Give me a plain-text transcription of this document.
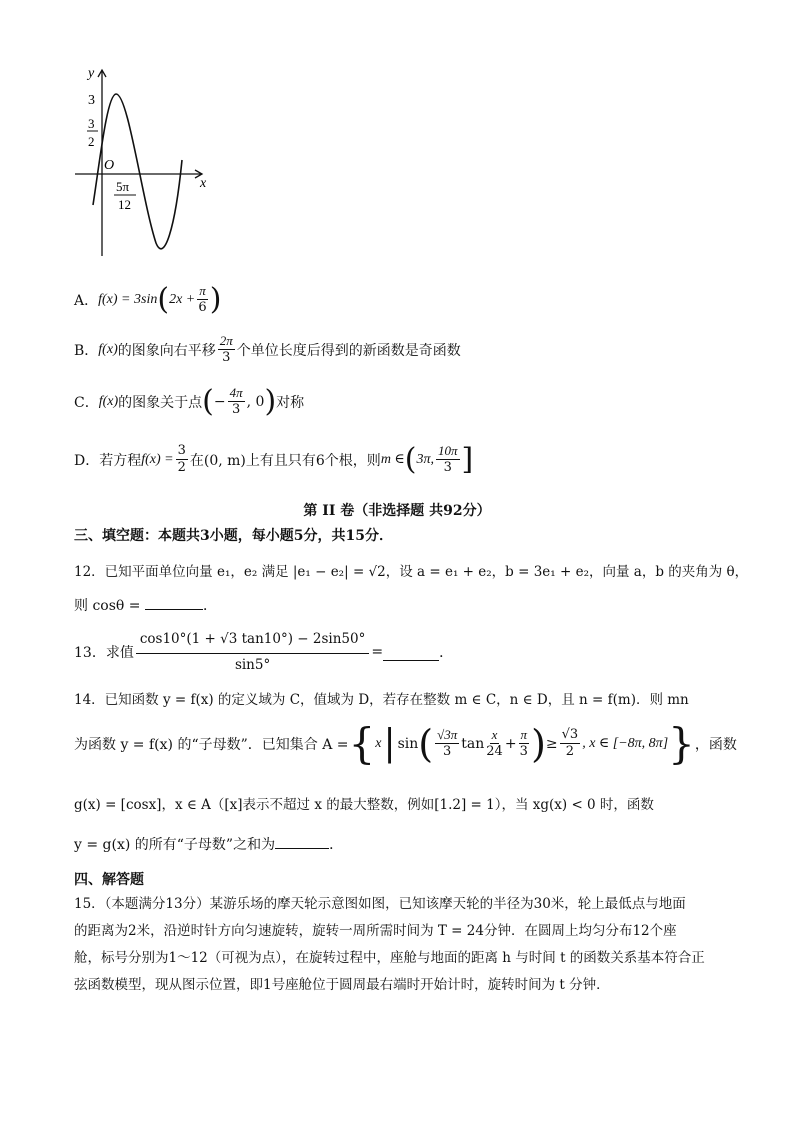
y
x
O
3
3
2
5π
12
A． f(x) = 3sin ( $2x + \frac{\pi}{6}$ )
B． f(x) 的图象向右平移 $\frac{2\pi}{3}$ 个单位长度后得到的新函数是奇函数
C． f(x) 的图象关于点 ( − $\frac{4\pi}{3}$ , 0 ) 对称
D．若方程 $f(x) = \frac{3}{2}$ 在(0, m)上有且只有6个根，则 m ∈ ( 3π, $\frac{10\pi}{3}$ ]
第 II 卷（非选择题 共92分）
三、填空题：本题共3小题，每小题5分，共15分．
12．已知平面单位向量 e₁，e₂ 满足 |e₁ − e₂| = √2，设 a = e₁ + e₂，b = 3e₁ + e₂，向量 a，b 的夹角为 θ，
则 cosθ =	．
13．求值 $\frac{\cos 10^\circ(1 + √3 \tan 10^\circ) - 2\sin 50^\circ}{\sin 5^\circ}$ =	．
14．已知函数 y = f(x) 的定义域为 C，值域为 D，若存在整数 m ∈ C，n ∈ D，且 n = f(m)．则 mn
为函数 y = f(x) 的“子母数”．已知集合 A = { x | sin ( $\frac{√3\pi}{3}$ $\tan \frac{x}{24} + \frac{\pi}{3}$ ) ≥ $\frac{√3}{2}$ , x ∈ [−8π, 8π] } ，函数
g(x) = [cosx]，x ∈ A（[x]表示不超过 x 的最大整数，例如[1.2] = 1），当 xg(x) < 0 时，函数
y = g(x) 的所有“子母数”之和为	．
四、解答题
15．（本题满分13分）某游乐场的摩天轮示意图如图，已知该摩天轮的半径为30米，轮上最低点与地面
的距离为2米，沿逆时针方向匀速旋转，旋转一周所需时间为 T = 24分钟．在圆周上均匀分布12个座
舱，标号分别为1～12（可视为点），在旋转过程中，座舱与地面的距离 h 与时间 t 的函数关系基本符合正
弦函数模型，现从图示位置，即1号座舱位于圆周最右端时开始计时，旋转时间为 t 分钟．
